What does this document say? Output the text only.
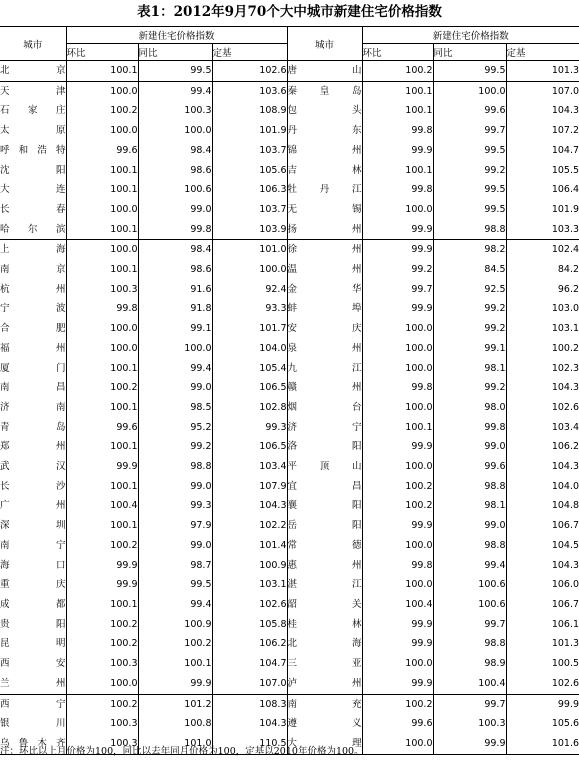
表1：2012年9月70个大中城市新建住宅价格指数
城市	新建住宅价格指数			城市	新建住宅价格指数		
	环比	同比	定基		环比	同比	定基
北　京	100.1	99.5	102.6	唐　山	100.2	99.5	101.3
天　津	100.0	99.4	103.6	秦皇岛	100.1	100.0	107.0
石家庄	100.2	100.3	108.9	包　头	100.1	99.6	104.3
太　原	100.0	100.0	101.9	丹　东	99.8	99.7	107.2
呼和浩特	99.6	98.4	103.7	锦　州	99.9	99.5	104.7
沈　阳	100.1	98.6	105.6	吉　林	100.1	99.2	105.5
大　连	100.1	100.6	106.3	牡丹江	99.8	99.5	106.4
长　春	100.0	99.0	103.7	无　锡	100.0	99.5	101.9
哈尔滨	100.1	99.8	103.9	扬　州	99.9	98.8	103.3
上　海	100.0	98.4	101.0	徐　州	99.9	98.2	102.4
南　京	100.1	98.6	100.0	温　州	99.2	84.5	84.2
杭　州	100.3	91.6	92.4	金　华	99.7	92.5	96.2
宁　波	99.8	91.8	93.3	蚌　埠	99.9	99.2	103.0
合　肥	100.0	99.1	101.7	安　庆	100.0	99.2	103.1
福　州	100.0	100.0	104.0	泉　州	100.0	99.1	100.2
厦　门	100.1	99.4	105.4	九　江	100.0	98.1	102.3
南　昌	100.2	99.0	106.5	赣　州	99.8	99.2	104.3
济　南	100.1	98.5	102.8	烟　台	100.0	98.0	102.6
青　岛	99.6	95.2	99.3	济　宁	100.1	99.8	103.4
郑　州	100.1	99.2	106.5	洛　阳	99.9	99.0	106.2
武　汉	99.9	98.8	103.4	平顶山	100.0	99.6	104.3
长　沙	100.1	99.0	107.9	宜　昌	100.2	98.8	104.0
广　州	100.4	99.3	104.3	襄　阳	100.2	98.1	104.8
深　圳	100.1	97.9	102.2	岳　阳	99.9	99.0	106.7
南　宁	100.2	99.0	101.4	常　德	100.0	98.8	104.5
海　口	99.9	98.7	100.9	惠　州	99.8	99.4	104.3
重　庆	99.9	99.5	103.1	湛　江	100.0	100.6	106.0
成　都	100.1	99.4	102.6	韶　关	100.4	100.6	106.7
贵　阳	100.2	100.9	105.8	桂　林	99.9	99.7	106.1
昆　明	100.2	100.2	106.2	北　海	99.9	98.8	101.3
西　安	100.3	100.1	104.7	三　亚	100.0	98.9	100.5
兰　州	100.0	99.9	107.0	泸　州	99.9	100.4	102.6
西　宁	100.2	101.2	108.3	南　充	100.2	99.7	99.9
银　川	100.3	100.8	104.3	遵　义	99.6	100.3	105.6
乌鲁木齐	100.3	101.0	110.5	大　理	100.0	99.9	101.6
注：环比以上月价格为100，同比以去年同月价格为100，定基以2010年价格为100。
